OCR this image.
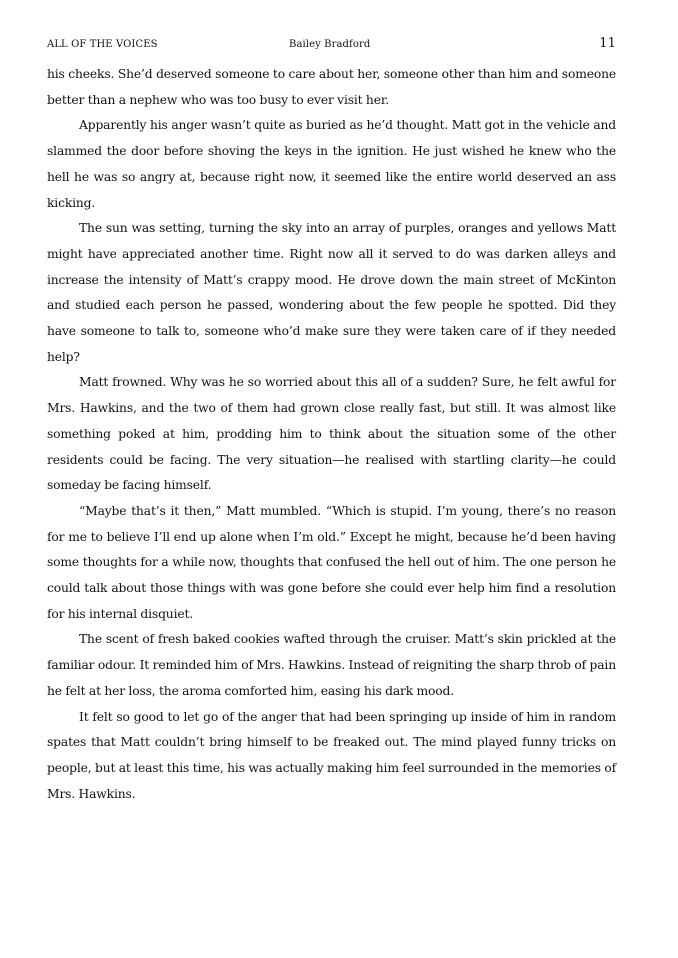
ALL OF THE VOICES	Bailey Bradford	11

his cheeks. She’d deserved someone to care about her, someone other than him and someone better than a nephew who was too busy to ever visit her.

Apparently his anger wasn’t quite as buried as he’d thought. Matt got in the vehicle and slammed the door before shoving the keys in the ignition. He just wished he knew who the hell he was so angry at, because right now, it seemed like the entire world deserved an ass kicking.

The sun was setting, turning the sky into an array of purples, oranges and yellows Matt might have appreciated another time. Right now all it served to do was darken alleys and increase the intensity of Matt’s crappy mood. He drove down the main street of McKinton and studied each person he passed, wondering about the few people he spotted. Did they have someone to talk to, someone who’d make sure they were taken care of if they needed help?

Matt frowned. Why was he so worried about this all of a sudden? Sure, he felt awful for Mrs. Hawkins, and the two of them had grown close really fast, but still. It was almost like something poked at him, prodding him to think about the situation some of the other residents could be facing. The very situation—he realised with startling clarity—he could someday be facing himself.

“Maybe that’s it then,” Matt mumbled. “Which is stupid. I’m young, there’s no reason for me to believe I’ll end up alone when I’m old.” Except he might, because he’d been having some thoughts for a while now, thoughts that confused the hell out of him. The one person he could talk about those things with was gone before she could ever help him find a resolution for his internal disquiet.

The scent of fresh baked cookies wafted through the cruiser. Matt’s skin prickled at the familiar odour. It reminded him of Mrs. Hawkins. Instead of reigniting the sharp throb of pain he felt at her loss, the aroma comforted him, easing his dark mood.

It felt so good to let go of the anger that had been springing up inside of him in random spates that Matt couldn’t bring himself to be freaked out. The mind played funny tricks on people, but at least this time, his was actually making him feel surrounded in the memories of Mrs. Hawkins.
